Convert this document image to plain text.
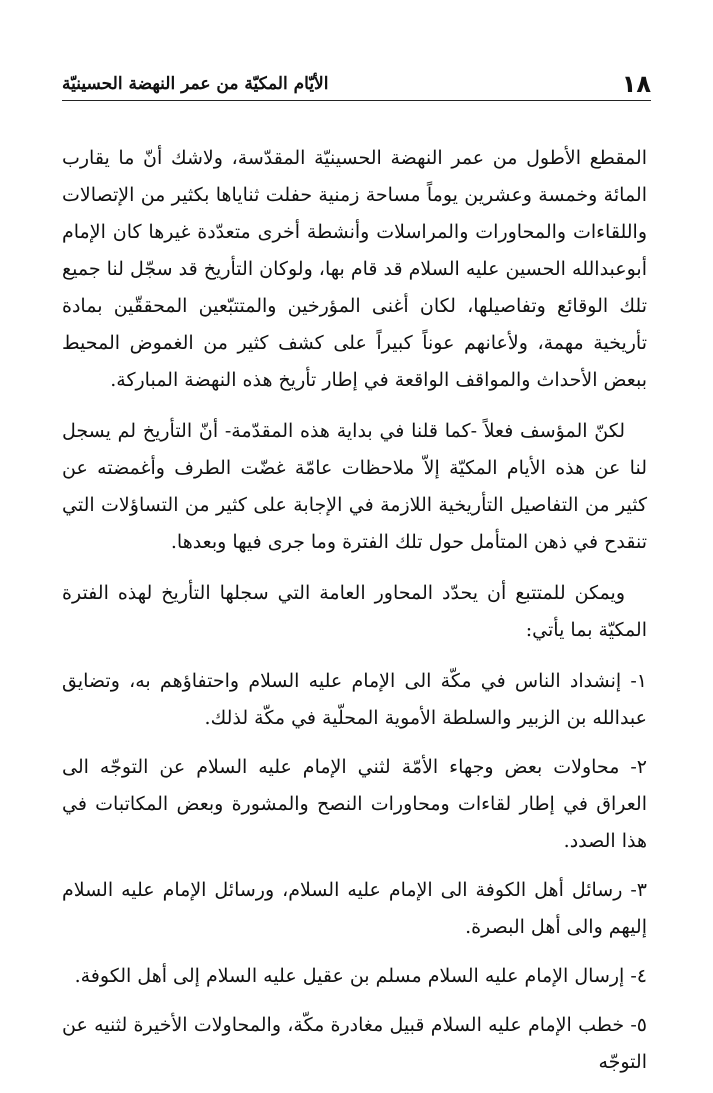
١٨
الأيّام المكيّة من عمر النهضة الحسينيّة

المقطع الأطول من عمر النهضة الحسينيّة المقدّسة، ولاشك أنّ ما يقارب المائة وخمسة وعشرين يوماً مساحة زمنية حفلت ثناياها بكثير من الإتصالات واللقاءات والمحاورات والمراسلات وأنشطة أخرى متعدّدة غيرها كان الإمام أبوعبدالله الحسين عليه السلام قد قام بها، ولوكان التأريخ قد سجّل لنا جميع تلك الوقائع وتفاصيلها، لكان أغنى المؤرخين والمتتبّعين المحققّين بمادة تأريخية مهمة، ولأعانهم عوناً كبيراً على كشف كثير من الغموض المحيط ببعض الأحداث والمواقف الواقعة في إطار تأريخ هذه النهضة المباركة.

لكنّ المؤسف فعلاً -كما قلنا في بداية هذه المقدّمة- أنّ التأريخ لم يسجل لنا عن هذه الأيام المكيّة إلاّ ملاحظات عامّة غضّت الطرف وأغمضته عن كثير من التفاصيل التأريخية اللازمة في الإجابة على كثير من التساؤلات التي تنقدح في ذهن المتأمل حول تلك الفترة وما جرى فيها وبعدها.

ويمكن للمتتبع أن يحدّد المحاور العامة التي سجلها التأريخ لهذه الفترة المكيّة بما يأتي:

١- إنشداد الناس في مكّة الى الإمام عليه السلام واحتفاؤهم به، وتضايق عبدالله بن الزبير والسلطة الأموية المحلّية في مكّة لذلك.

٢- محاولات بعض وجهاء الأمّة لثني الإمام عليه السلام عن التوجّه الى العراق في إطار لقاءات ومحاورات النصح والمشورة وبعض المكاتبات في هذا الصدد.

٣- رسائل أهل الكوفة الى الإمام عليه السلام، ورسائل الإمام عليه السلام إليهم والى أهل البصرة.

٤- إرسال الإمام عليه السلام مسلم بن عقيل عليه السلام إلى أهل الكوفة.

٥- خطب الإمام عليه السلام قبيل مغادرة مكّة، والمحاولات الأخيرة لثنيه عن التوجّه
